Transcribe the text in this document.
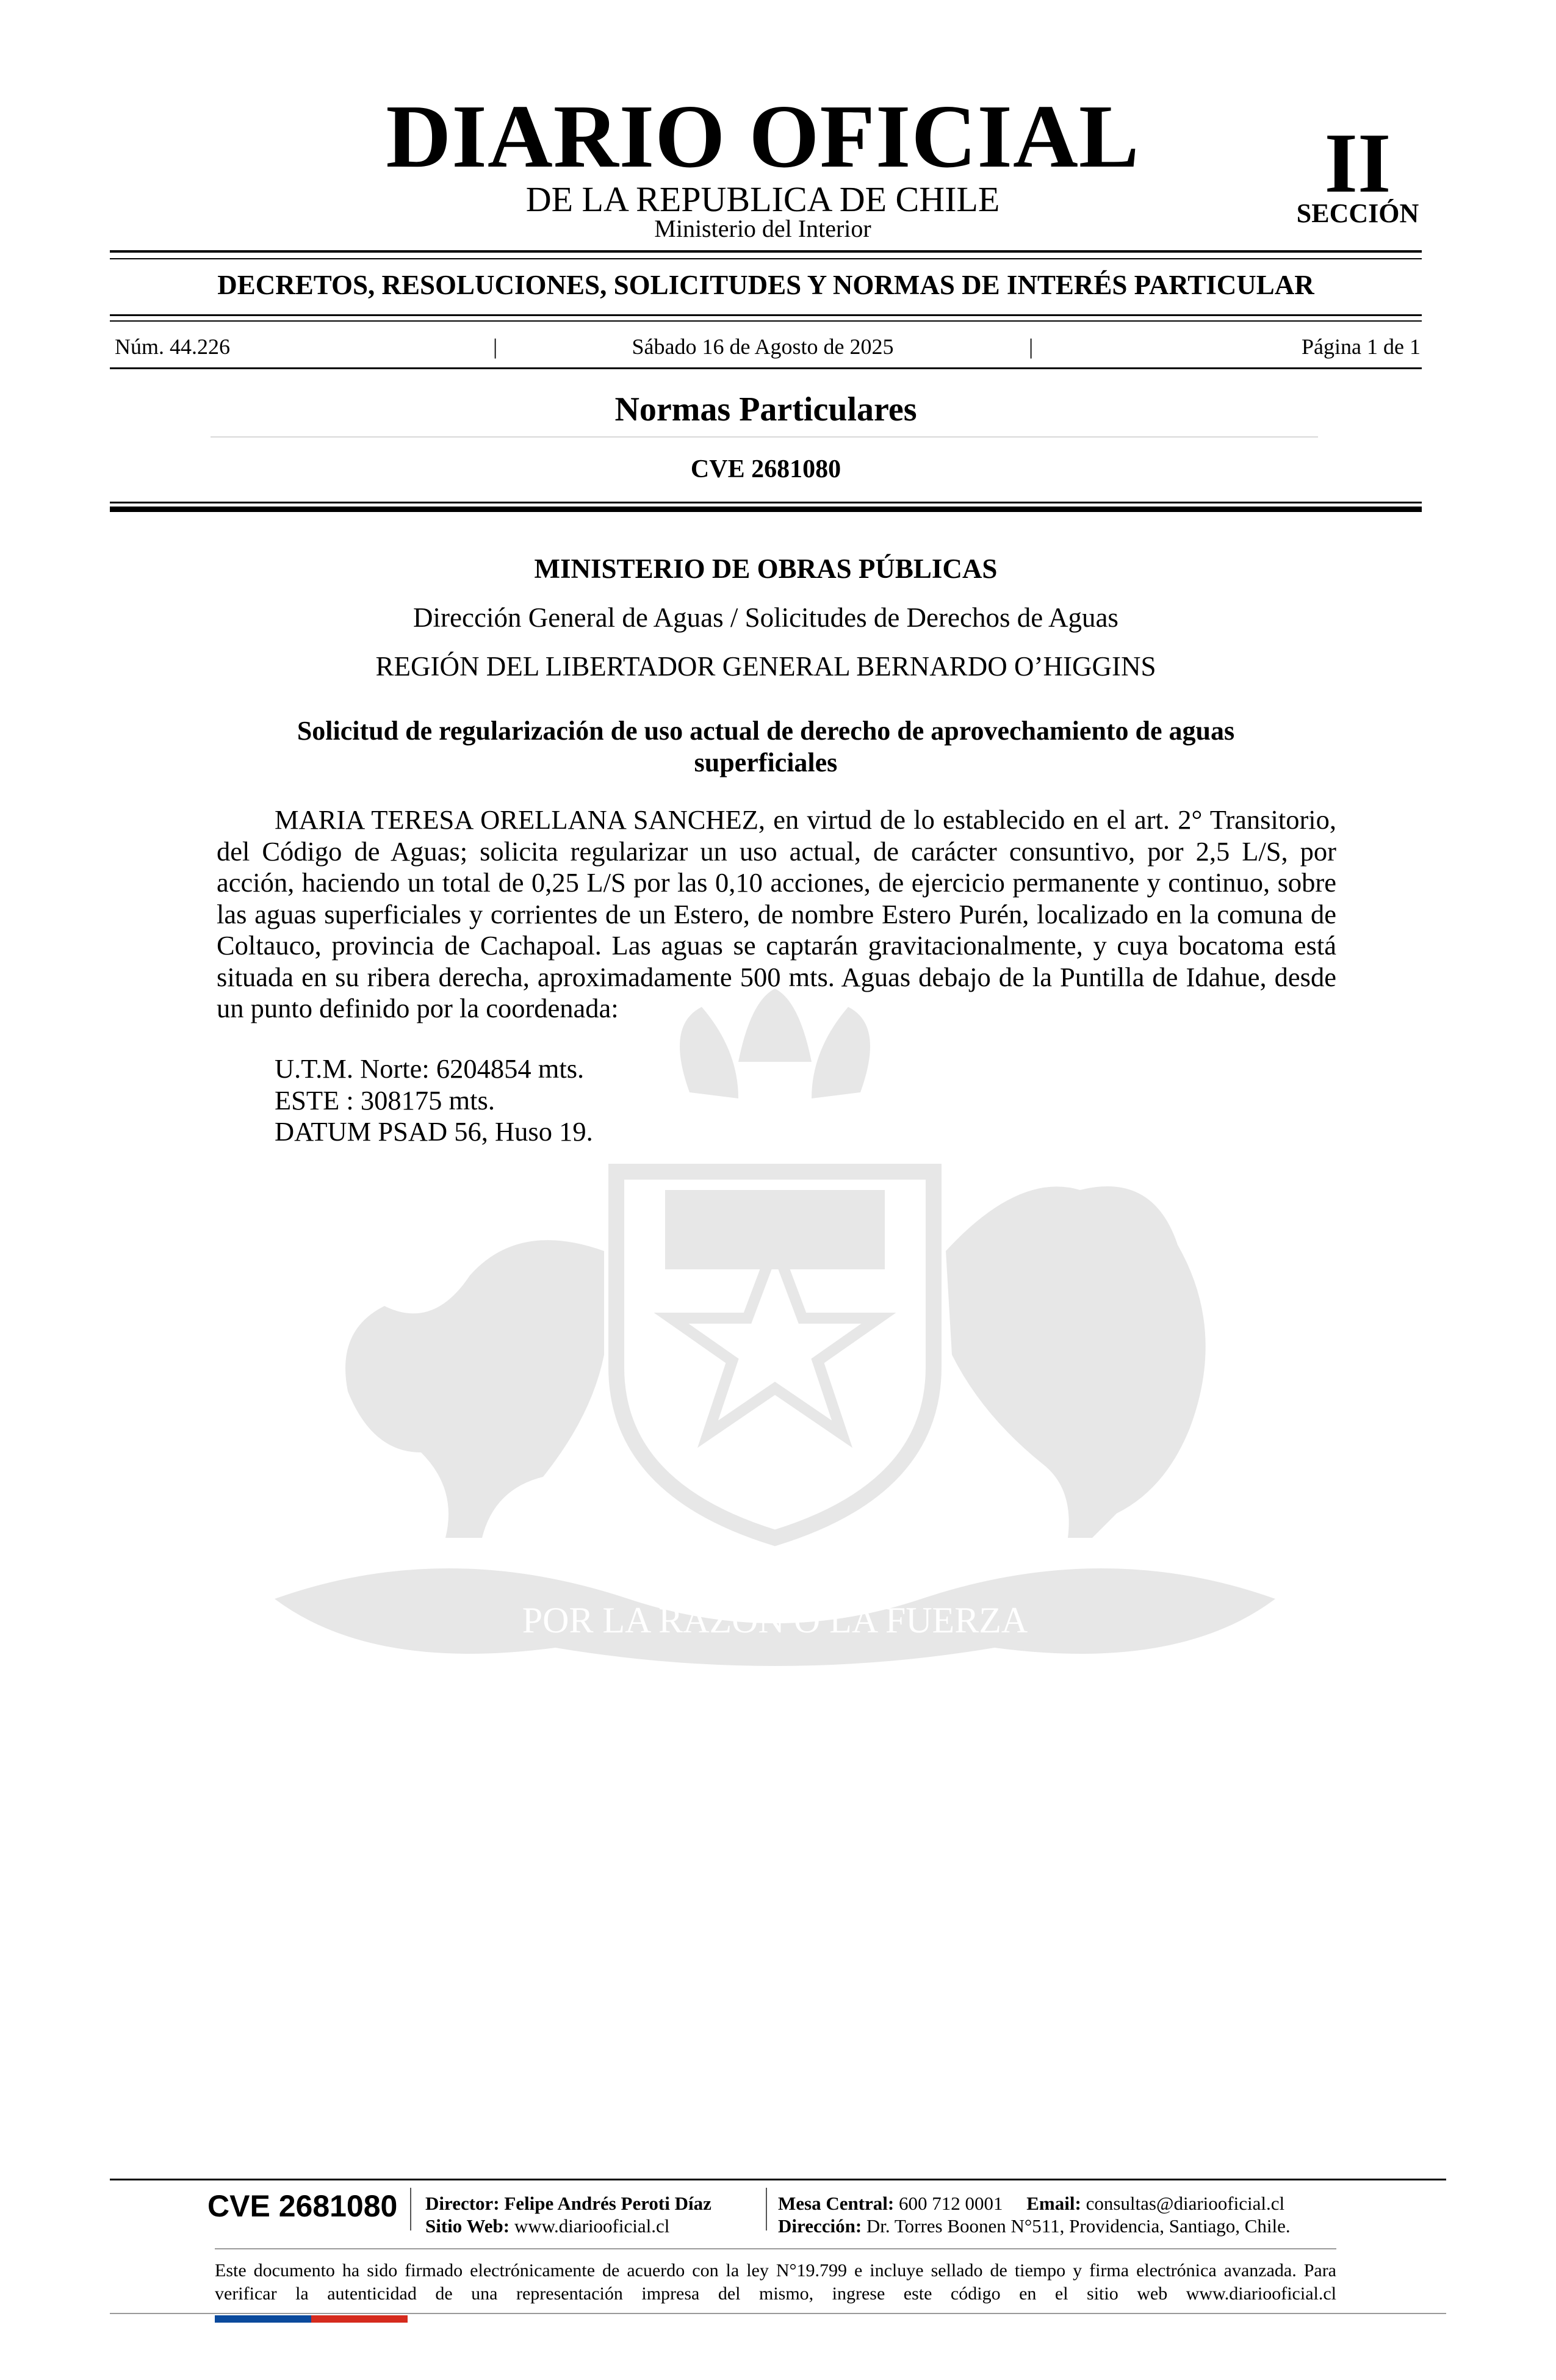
DIARIO OFICIAL
DE LA REPUBLICA DE CHILE
Ministerio del Interior
II
SECCIÓN
DECRETOS, RESOLUCIONES, SOLICITUDES Y NORMAS DE INTERÉS PARTICULAR
Núm. 44.226	|	Sábado 16 de Agosto de 2025	|	Página 1 de 1
Normas Particulares
CVE 2681080
POR LA RAZON O LA FUERZA
MINISTERIO DE OBRAS PÚBLICAS
Dirección General de Aguas / Solicitudes de Derechos de Aguas
REGIÓN DEL LIBERTADOR GENERAL BERNARDO O’HIGGINS
Solicitud de regularización de uso actual de derecho de aprovechamiento de aguas superficiales
MARIA TERESA ORELLANA SANCHEZ, en virtud de lo establecido en el art. 2° Transitorio, del Código de Aguas; solicita regularizar un uso actual, de carácter consuntivo, por 2,5 L/S, por acción, haciendo un total de 0,25 L/S por las 0,10 acciones, de ejercicio permanente y continuo, sobre las aguas superficiales y corrientes de un Estero, de nombre Estero Purén, localizado en la comuna de Coltauco, provincia de Cachapoal. Las aguas se captarán gravitacionalmente, y cuya bocatoma está situada en su ribera derecha, aproximadamente 500 mts. Aguas debajo de la Puntilla de Idahue, desde un punto definido por la coordenada:
U.T.M. Norte: 6204854 mts.
ESTE : 308175 mts.
DATUM PSAD 56, Huso 19.
CVE 2681080 Director: Felipe Andrés Peroti Díaz
Sitio Web: www.diariooficial.cl
Mesa Central: 600 712 0001 Email: consultas@diariooficial.cl
Dirección: Dr. Torres Boonen N°511, Providencia, Santiago, Chile.
Este documento ha sido firmado electrónicamente de acuerdo con la ley N°19.799 e incluye sellado de tiempo y firma electrónica avanzada. Para verificar la autenticidad de una representación impresa del mismo, ingrese este código en el sitio web www.diariooficial.cl
